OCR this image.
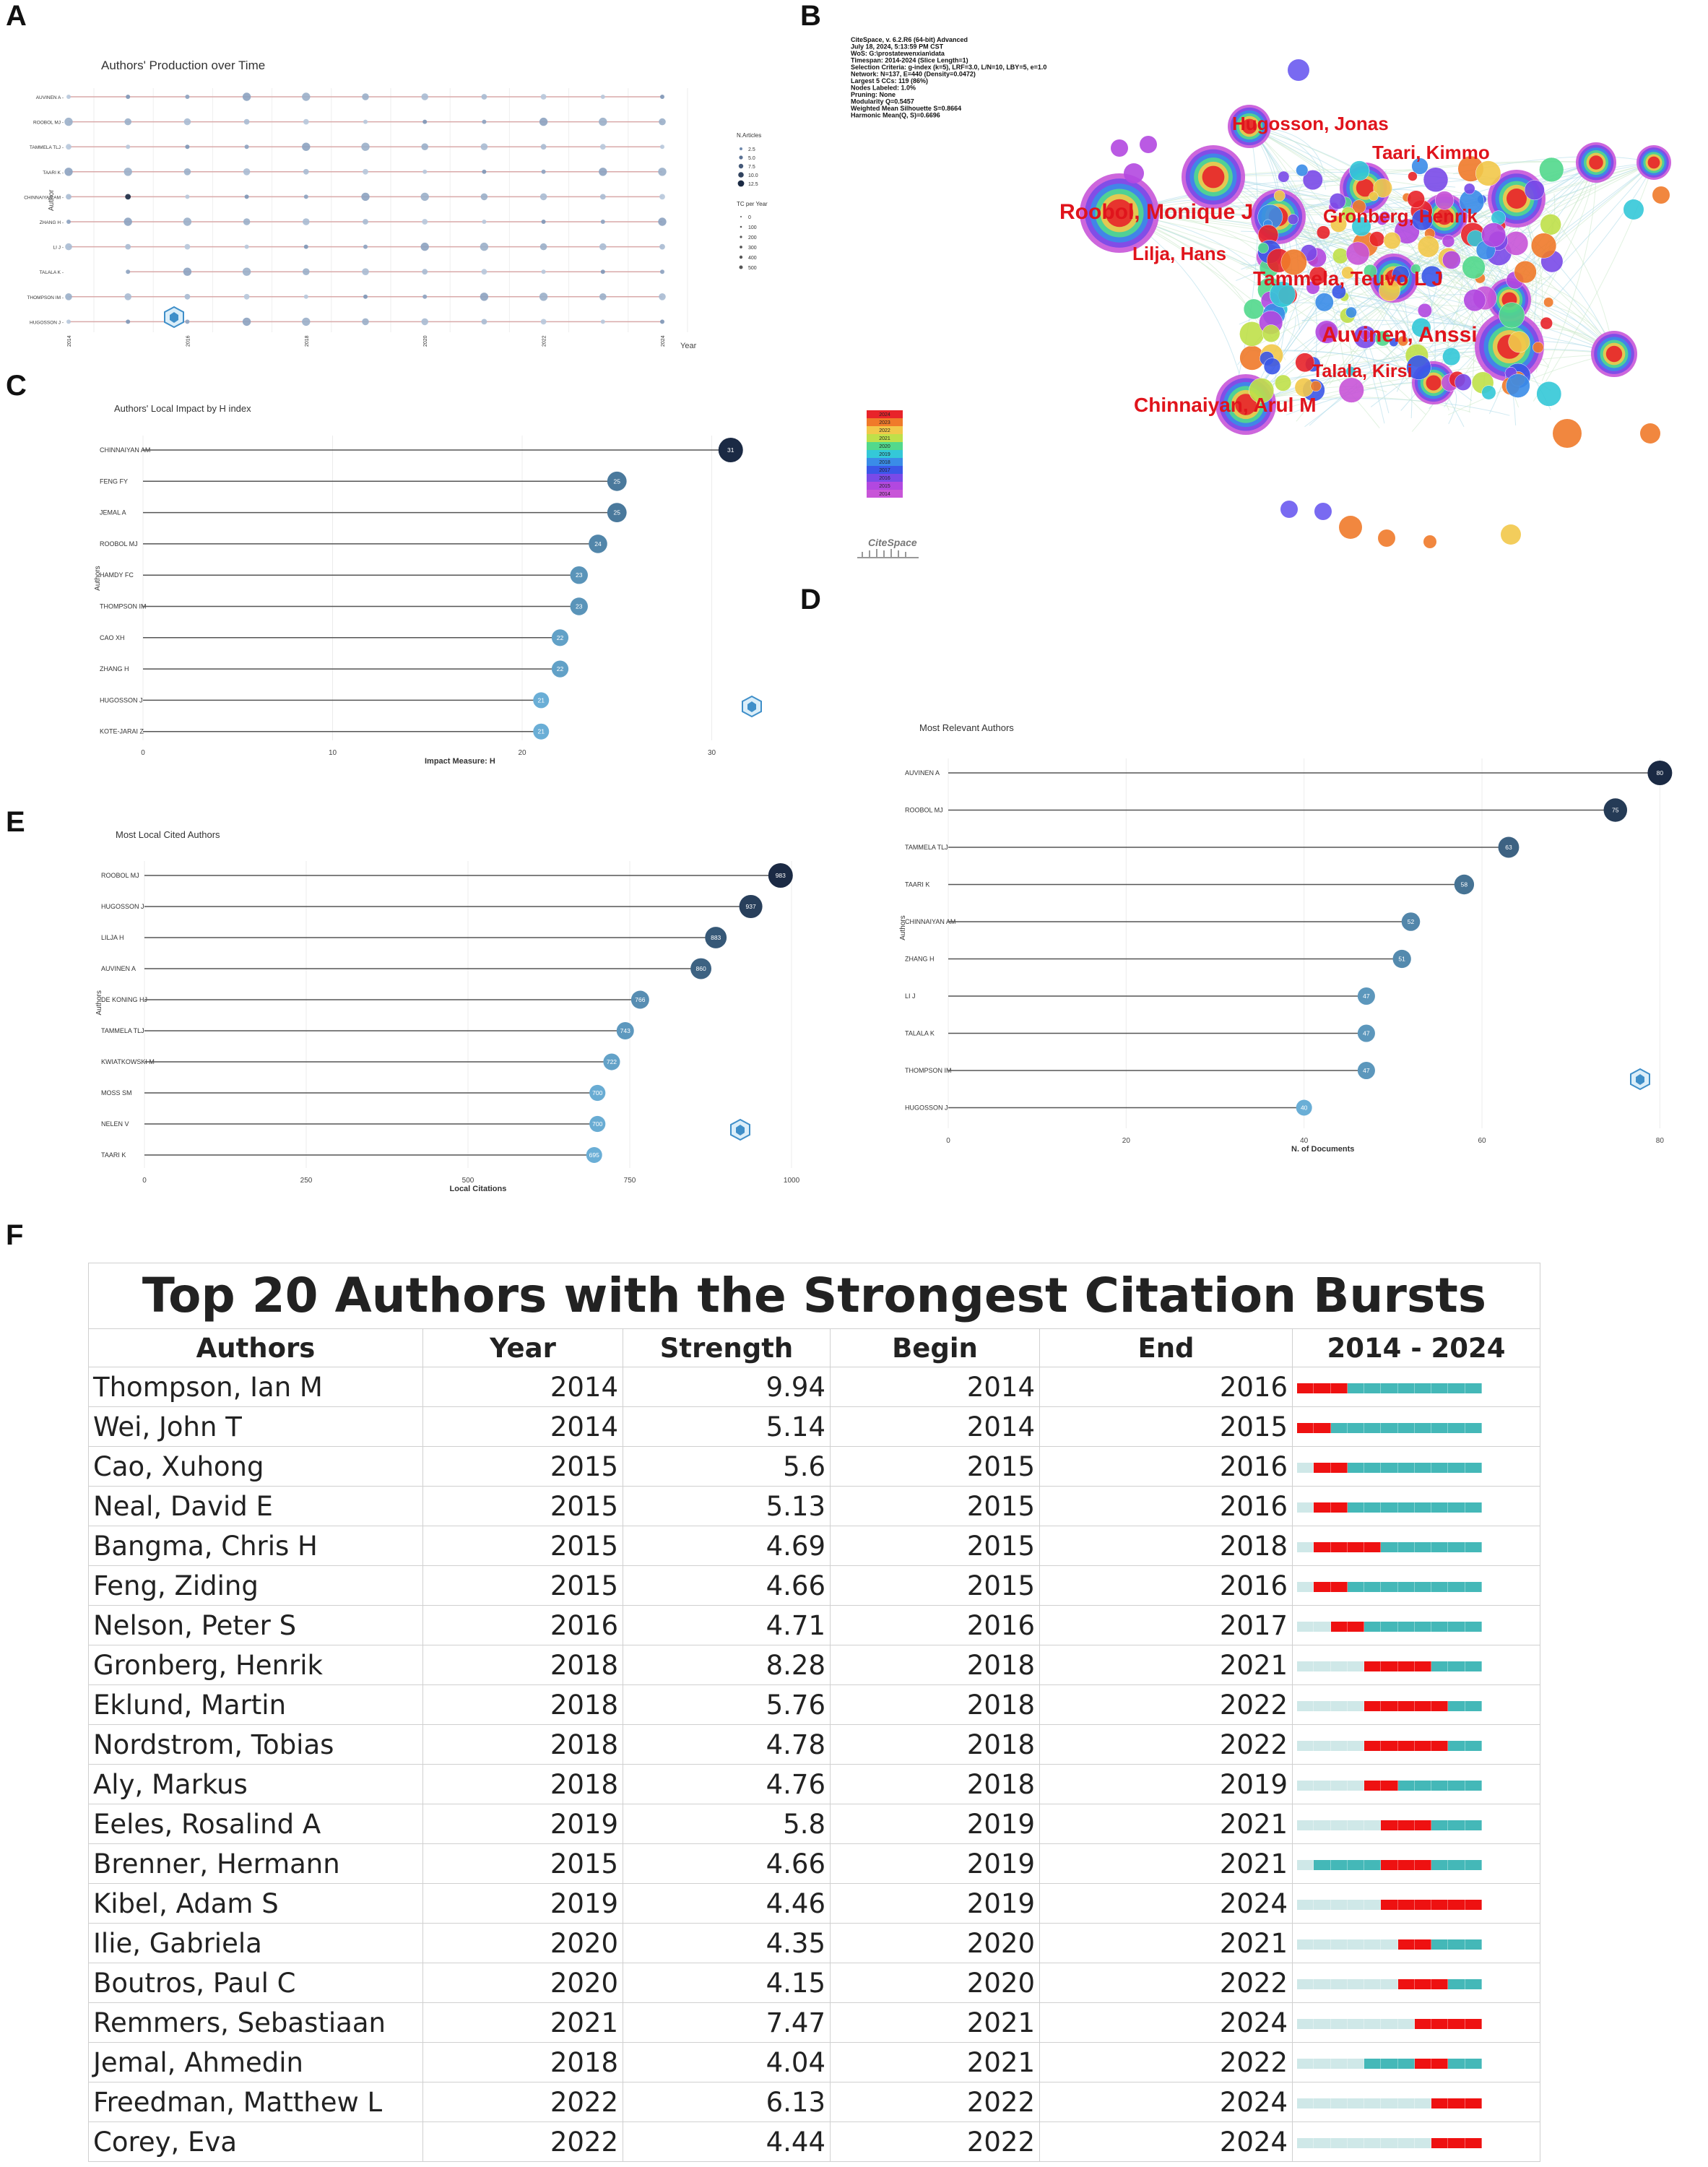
A	B
C
D
E
F
Authors' Production over Time
Author
Year
AUVINEN A -
ROOBOL MJ -
TAMMELA TLJ -
TAARI K -
CHINNAIYAN AM -
ZHANG H -
LI J -
TALALA K -
THOMPSON IM -
HUGOSSON J -
2014	2016	2018	2020	2022	2024
N.Articles
TC per Year
2.5
5.0
7.5
10.0
12.5
0
100
200
300
400
500
CiteSpace, v. 6.2.R6 (64-bit) Advanced
July 18, 2024, 5:13:59 PM CST
WoS: G:\prostatewenxian\data
Timespan: 2014-2024 (Slice Length=1)
Selection Criteria: g-index (k=5), LRF=3.0, L/N=10, LBY=5, e=1.0
Network: N=137, E=440 (Density=0.0472)
Largest 5 CCs: 119 (86%)
Nodes Labeled: 1.0%
Pruning: None
Modularity Q=0.5457
Weighted Mean Silhouette S=0.8664
Harmonic Mean(Q, S)=0.6696	Hugosson, Jonas
Taari, Kimmo
Roobol, Monique J	Gronberg, Henrik
Lilja, Hans
Tammela, Teuvo L J
Auvinen, Anssi
Talala, Kirsi
Chinnaiyan, Arul M
2024
2023
2022
2021
2020
2019
2018
2017
2016
2015
2014
CiteSpace
Authors' Local Impact by H index
0	10	20	30
Impact Measure: H
Authors
CHINNAIYAN AM	31
FENG FY	25
JEMAL A	25
ROOBOL MJ	24
HAMDY FC	23
THOMPSON IM	23
CAO XH	22
ZHANG H	22
HUGOSSON J	21
KOTE-JARAI Z	21	Most Relevant Authors
0	20	40	60	80
N. of Documents
Authors
AUVINEN A	80
ROOBOL MJ	75
TAMMELA TLJ	63
TAARI K	58
CHINNAIYAN AM	52
ZHANG H	51
LI J	47
TALALA K	47
THOMPSON IM	47
HUGOSSON J	40
Most Local Cited Authors
0	250	500	750	1000
Local Citations
Authors
ROOBOL MJ	983
HUGOSSON J	937
LILJA H	883
AUVINEN A	860
DE KONING HJ	766
TAMMELA TLJ	743
KWIATKOWSKI M	722
MOSS SM	700
NELEN V	700
TAARI K	695
Top 20 Authors with the Strongest Citation Bursts
Authors	Year	Strength	Begin	End	2014 - 2024
Thompson, Ian M	2014	9.94	2014	2016	

Wei, John T	2014	5.14	2014	2015	

Cao, Xuhong	2015	5.6	2015	2016	

Neal, David E	2015	5.13	2015	2016	

Bangma, Chris H	2015	4.69	2015	2018	

Feng, Ziding	2015	4.66	2015	2016	

Nelson, Peter S	2016	4.71	2016	2017	

Gronberg, Henrik	2018	8.28	2018	2021	

Eklund, Martin	2018	5.76	2018	2022	

Nordstrom, Tobias	2018	4.78	2018	2022	

Aly, Markus	2018	4.76	2018	2019	

Eeles, Rosalind A	2019	5.8	2019	2021	

Brenner, Hermann	2015	4.66	2019	2021	

Kibel, Adam S	2019	4.46	2019	2024	

Ilie, Gabriela	2020	4.35	2020	2021	

Boutros, Paul C	2020	4.15	2020	2022	

Remmers, Sebastiaan	2021	7.47	2021	2024	

Jemal, Ahmedin	2018	4.04	2021	2022	

Freedman, Matthew L	2022	6.13	2022	2024	

Corey, Eva	2022	4.44	2022	2024	
